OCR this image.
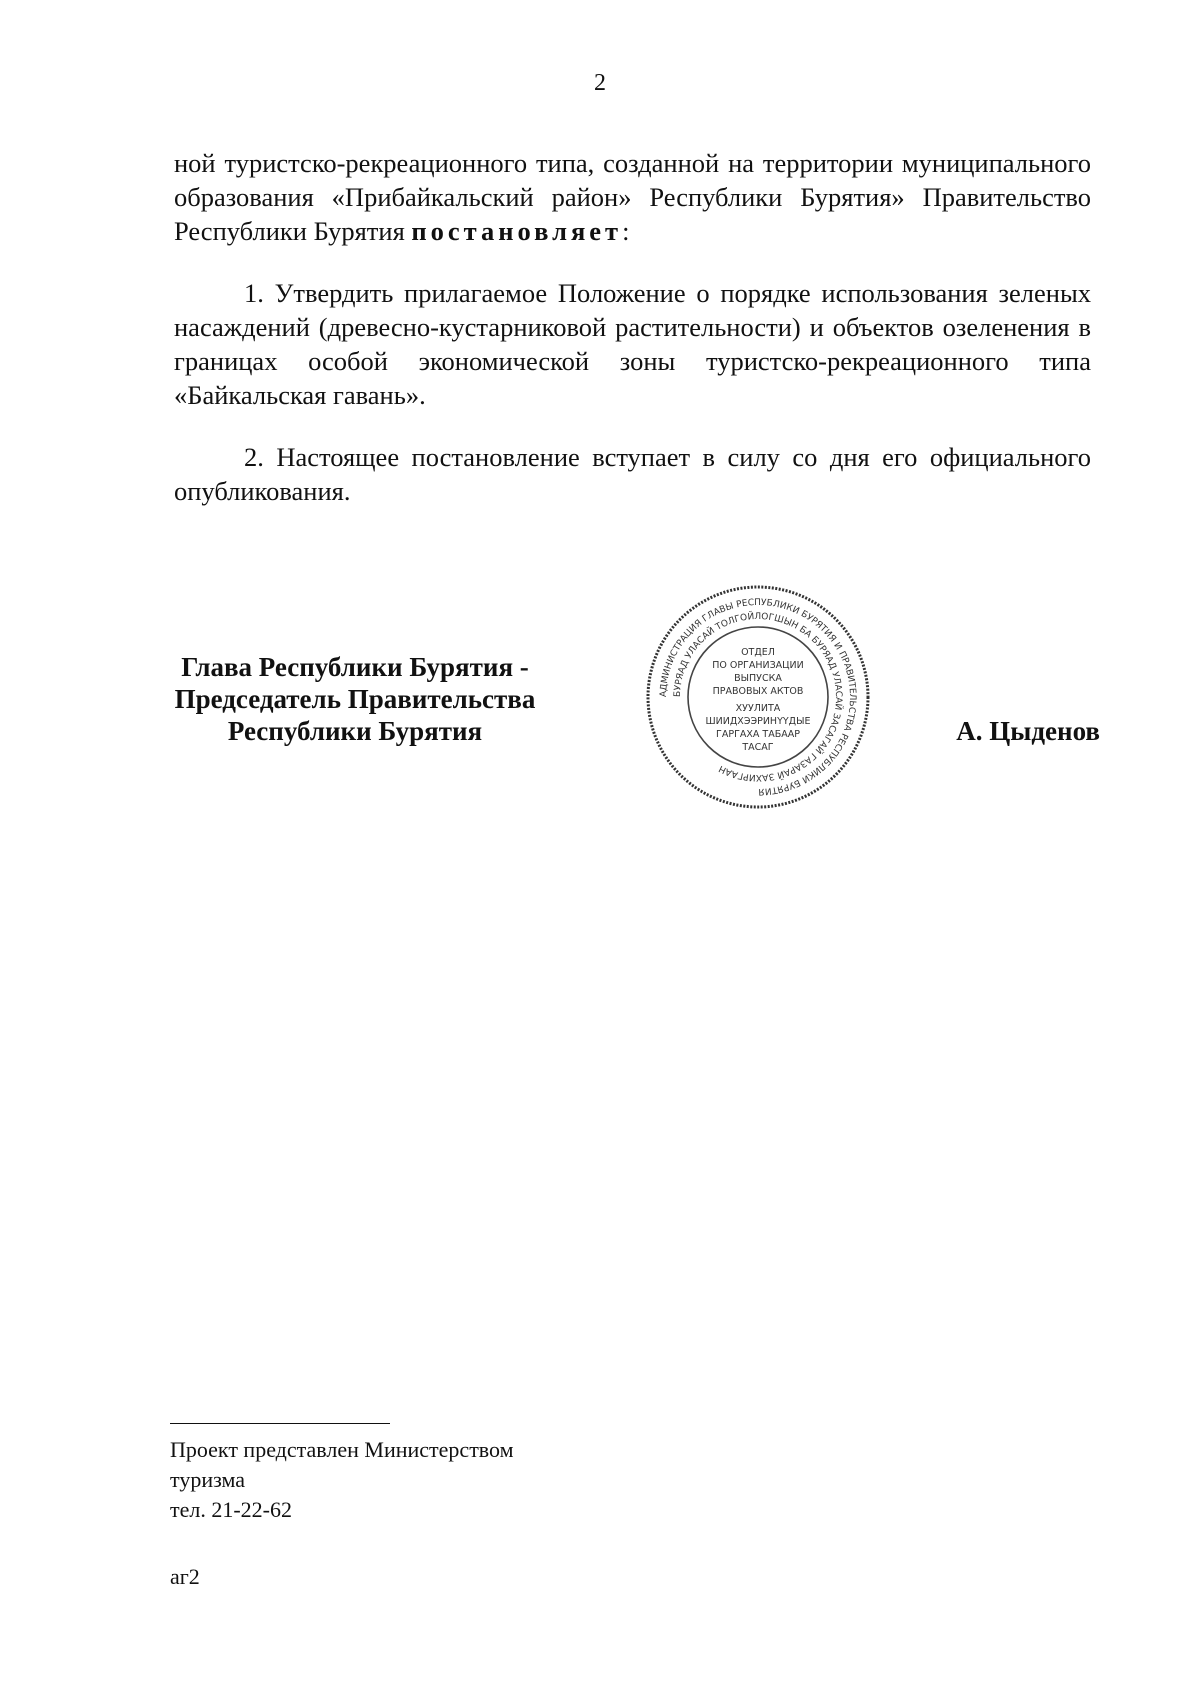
2
ной туристско-рекреационного типа, созданной на территории муниципального образования «Прибайкальский район» Республики Бурятия» Правительство Республики Бурятия постановляет:
1. Утвердить прилагаемое Положение о порядке использования зеленых насаждений (древесно-кустарниковой растительности) и объектов озеленения в границах особой экономической зоны туристско-рекреационного типа «Байкальская гавань».
2. Настоящее постановление вступает в силу со дня его официального опубликования.
Глава Республики Бурятия -
Председатель Правительства
Республики Бурятия
АДМИНИСТРАЦИЯ ГЛАВЫ РЕСПУБЛИКИ БУРЯТИЯ И ПРАВИТЕЛЬСТВА РЕСПУБЛИКИ БУРЯТИЯ
БУРЯАД УЛАСАЙ ТОЛГОЙЛОГШЫН БА БУРЯАД УЛАСАЙ ЗАСАГАЙ ГАЗАРАЙ ЗАХИРГААН
ОТДЕЛ
ПО ОРГАНИЗАЦИИ
ВЫПУСКА
ПРАВОВЫХ АКТОВ
ХУУЛИТА
ШИИДХЭЭРИНҮҮДЫЕ
ГАРГАХА ТАБААР
ТАСАГ
А. Цыденов
Проект представлен Министерством
туризма
тел. 21-22-62
аг2
